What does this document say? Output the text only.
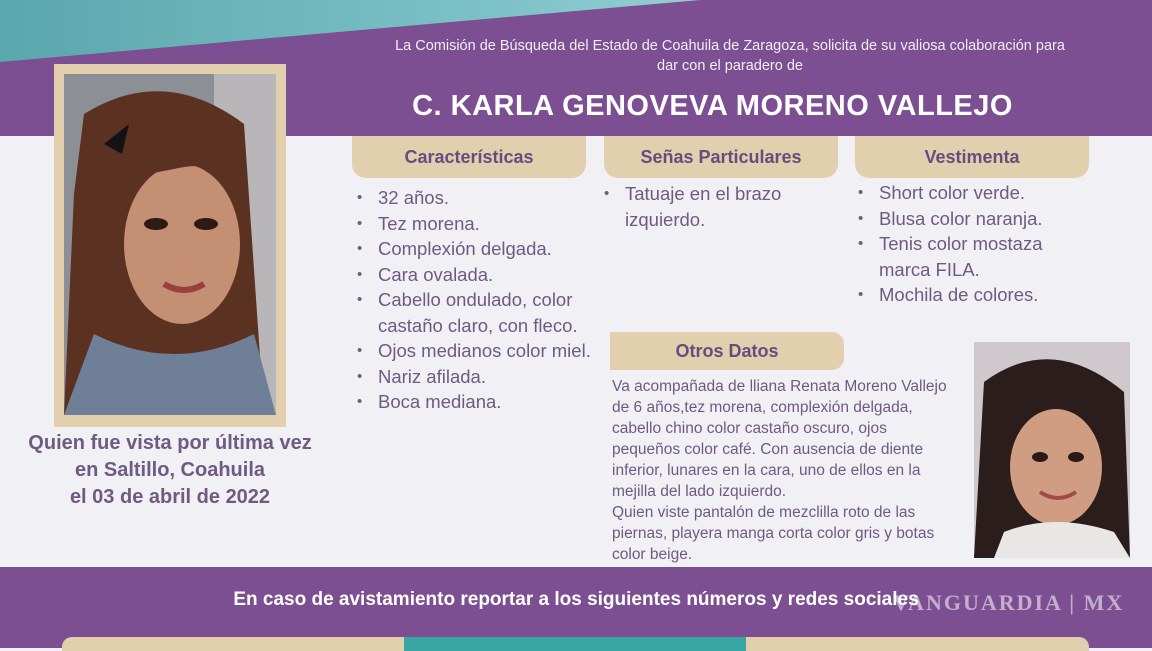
La Comisión de Búsqueda del Estado de Coahuila de Zaragoza, solicita de su valiosa colaboración para dar con el paradero de
C. KARLA GENOVEVA MORENO VALLEJO
Características	Señas Particulares	Vestimenta
• 32 años.
• Tez morena.
• Complexión delgada.
• Cara ovalada.
• Cabello ondulado, color castaño claro, con fleco.
• Ojos medianos color miel.
• Nariz afilada.
• Boca mediana.
• Tatuaje en el brazo izquierdo.
• Short color verde.
• Blusa color naranja.
• Tenis color mostaza marca FILA.
• Mochila de colores.
Otros Datos
Va acompañada de lliana Renata Moreno Vallejo de 6 años,tez morena, complexión delgada, cabello chino color castaño oscuro, ojos pequeños color café. Con ausencia de diente inferior, lunares en la cara, uno de ellos en la mejilla del lado izquierdo.
Quien viste pantalón de mezclilla roto de las piernas, playera manga corta color gris y botas color beige.
Quien fue vista por última vez
en Saltillo, Coahuila
el 03 de abril de 2022
En caso de avistamiento reportar a los siguientes números y redes sociales
VANGUARDIA | MX
